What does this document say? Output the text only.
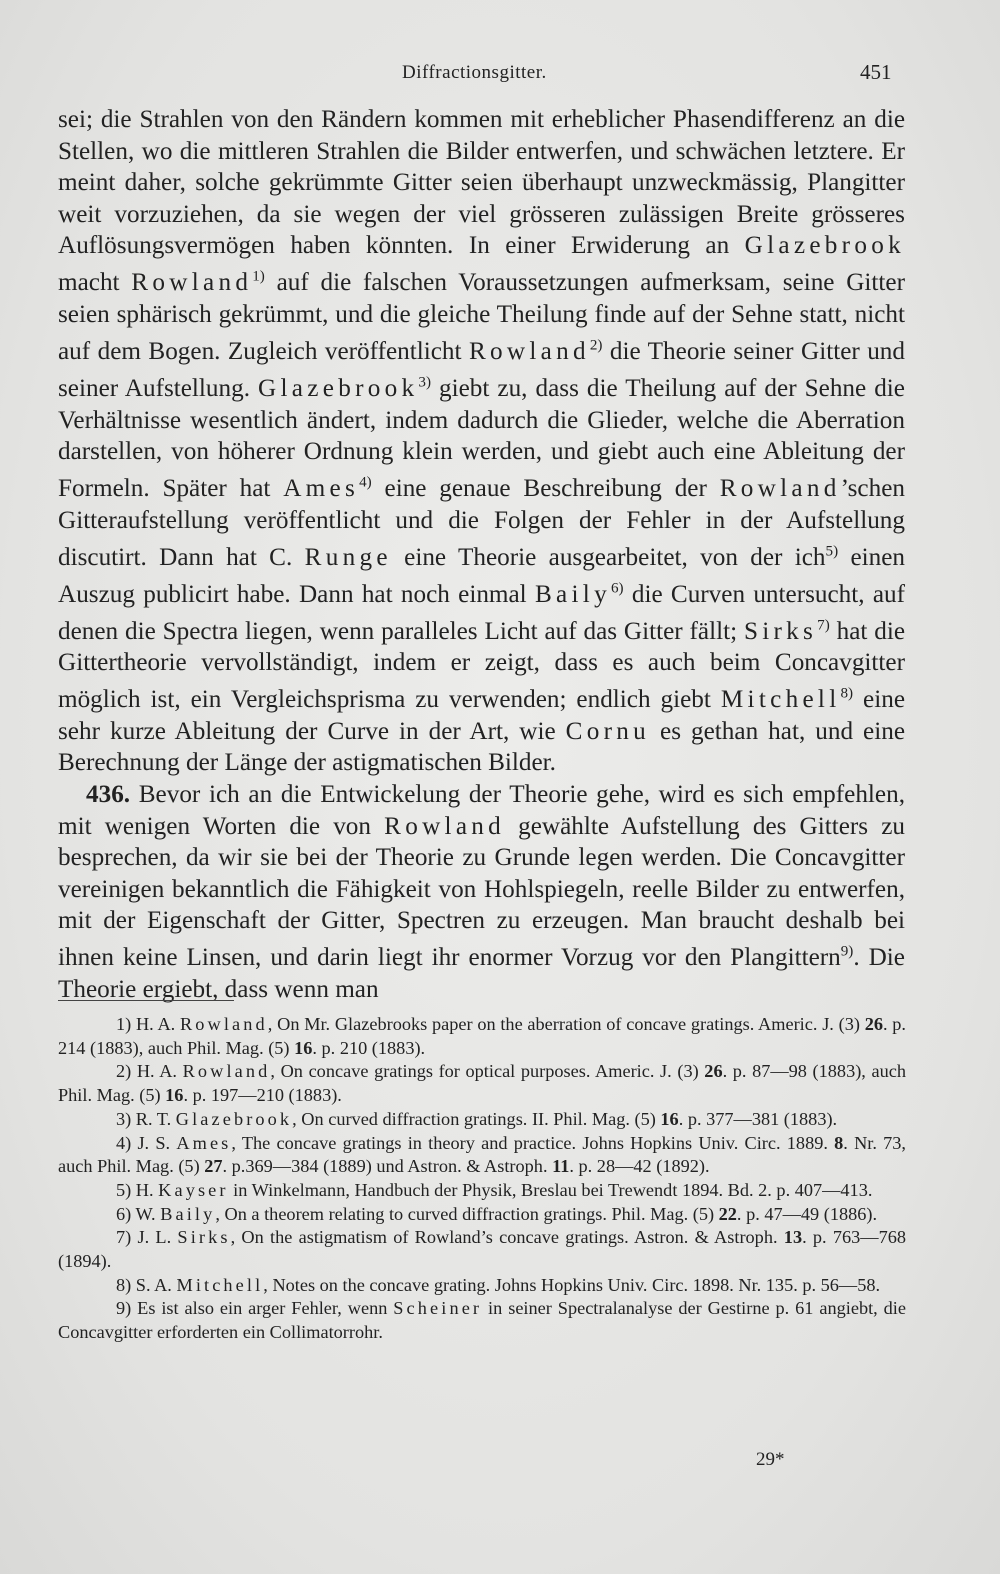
Diffractionsgitter.	451

sei; die Strahlen von den Rändern kommen mit erheblicher Phasendifferenz an die Stellen, wo die mittleren Strahlen die Bilder entwerfen, und schwächen letztere. Er meint daher, solche gekrümmte Gitter seien überhaupt unzweckmässig, Plangitter weit vorzuziehen, da sie wegen der viel grösseren zulässigen Breite grösseres Auflösungsvermögen haben könnten. In einer Erwiderung an Glazebrook macht Rowland$^{1)}$ auf die falschen Voraussetzungen aufmerksam, seine Gitter seien sphärisch gekrümmt, und die gleiche Theilung finde auf der Sehne statt, nicht auf dem Bogen. Zugleich veröffentlicht Rowland$^{2)}$ die Theorie seiner Gitter und seiner Aufstellung. Glazebrook$^{3)}$ giebt zu, dass die Theilung auf der Sehne die Verhältnisse wesentlich ändert, indem dadurch die Glieder, welche die Aberration darstellen, von höherer Ordnung klein werden, und giebt auch eine Ableitung der Formeln. Später hat Ames$^{4)}$ eine genaue Beschreibung der Rowland’schen Gitteraufstellung veröffentlicht und die Folgen der Fehler in der Aufstellung discutirt. Dann hat C. Runge eine Theorie ausgearbeitet, von der ich$^{5)}$ einen Auszug publicirt habe. Dann hat noch einmal Baily$^{6)}$ die Curven untersucht, auf denen die Spectra liegen, wenn paralleles Licht auf das Gitter fällt; Sirks$^{7)}$ hat die Gittertheorie vervollständigt, indem er zeigt, dass es auch beim Concavgitter möglich ist, ein Vergleichsprisma zu verwenden; endlich giebt Mitchell$^{8)}$ eine sehr kurze Ableitung der Curve in der Art, wie Cornu es gethan hat, und eine Berechnung der Länge der astigmatischen Bilder.

436. Bevor ich an die Entwickelung der Theorie gehe, wird es sich empfehlen, mit wenigen Worten die von Rowland gewählte Aufstellung des Gitters zu besprechen, da wir sie bei der Theorie zu Grunde legen werden. Die Concavgitter vereinigen bekanntlich die Fähigkeit von Hohlspiegeln, reelle Bilder zu entwerfen, mit der Eigenschaft der Gitter, Spectren zu erzeugen. Man braucht deshalb bei ihnen keine Linsen, und darin liegt ihr enormer Vorzug vor den Plangittern$^{9)}$. Die Theorie ergiebt, dass wenn man

1) H. A. Rowland, On Mr. Glazebrooks paper on the aberration of concave gratings. Americ. J. (3) 26. p. 214 (1883), auch Phil. Mag. (5) 16. p. 210 (1883).
2) H. A. Rowland, On concave gratings for optical purposes. Americ. J. (3) 26. p. 87—98 (1883), auch Phil. Mag. (5) 16. p. 197—210 (1883).
3) R. T. Glazebrook, On curved diffraction gratings. II. Phil. Mag. (5) 16. p. 377—381 (1883).
4) J. S. Ames, The concave gratings in theory and practice. Johns Hopkins Univ. Circ. 1889. 8. Nr. 73, auch Phil. Mag. (5) 27. p.369—384 (1889) und Astron. & Astroph. 11. p. 28—42 (1892).
5) H. Kayser in Winkelmann, Handbuch der Physik, Breslau bei Trewendt 1894. Bd. 2. p. 407—413.
6) W. Baily, On a theorem relating to curved diffraction gratings. Phil. Mag. (5) 22. p. 47—49 (1886).
7) J. L. Sirks, On the astigmatism of Rowland’s concave gratings. Astron. & Astroph. 13. p. 763—768 (1894).
8) S. A. Mitchell, Notes on the concave grating. Johns Hopkins Univ. Circ. 1898. Nr. 135. p. 56—58.
9) Es ist also ein arger Fehler, wenn Scheiner in seiner Spectralanalyse der Gestirne p. 61 angiebt, die Concavgitter erforderten ein Collimatorrohr.
29*
